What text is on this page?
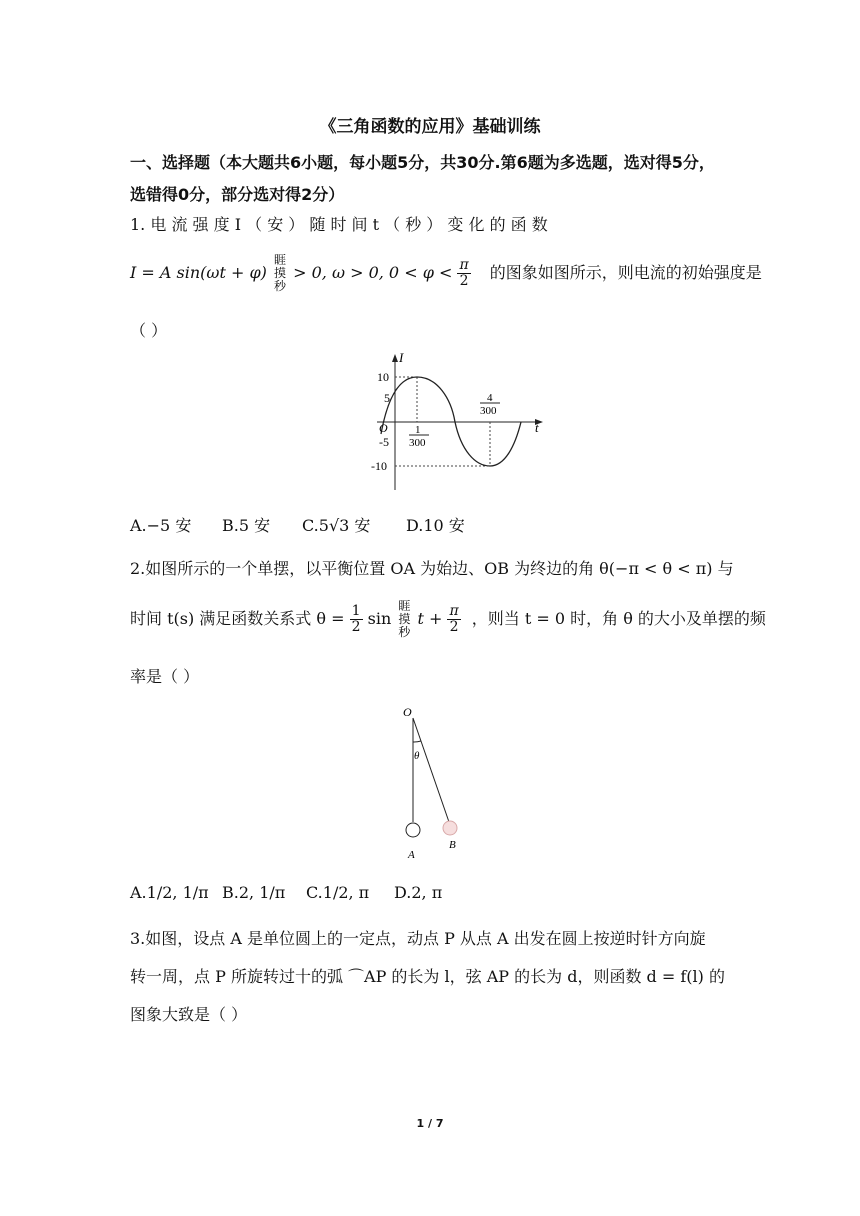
《三角函数的应用》基础训练
一、选择题（本大题共6小题，每小题5分，共30分.第6题为多选题，选对得5分，选错得0分，部分选对得2分）
1. 电 流 强 度 I （ 安 ） 随 时 间 t （ 秒 ） 变 化 的 函 数
I = A sin(ωt + φ)
睚
摸
秒
> 0, ω > 0, $0 < \varphi < \frac{\pi}{2}$ 的图象如图所示，则电流的初始强度是
（ ）
I
t
O
10
5
-5
-10
1
300
4
300
A.−5 安 B.5 安 C.5√3 安 D.10 安
2.如图所示的一个单摆，以平衡位置 OA 为始边、OB 为终边的角 θ(−π < θ < π) 与
时间 t(s) 满足函数关系式 $\theta = \frac{1}{2}$ sin
睚
摸
秒
$t + \frac{\pi}{2}$ ，则当 t = 0 时，角 θ 的大小及单摆的频
率是（ ）
O
θ
A
B
A.1/2, 1/π B.2, 1/π C.1/2, π D.2, π
3.如图，设点 A 是单位圆上的一定点，动点 P 从点 A 出发在圆上按逆时针方向旋
转一周，点 P 所旋转过十的弧 ⌒AP 的长为 l，弦 AP 的长为 d，则函数 d = f(l) 的
图象大致是（ ）
1 / 7
